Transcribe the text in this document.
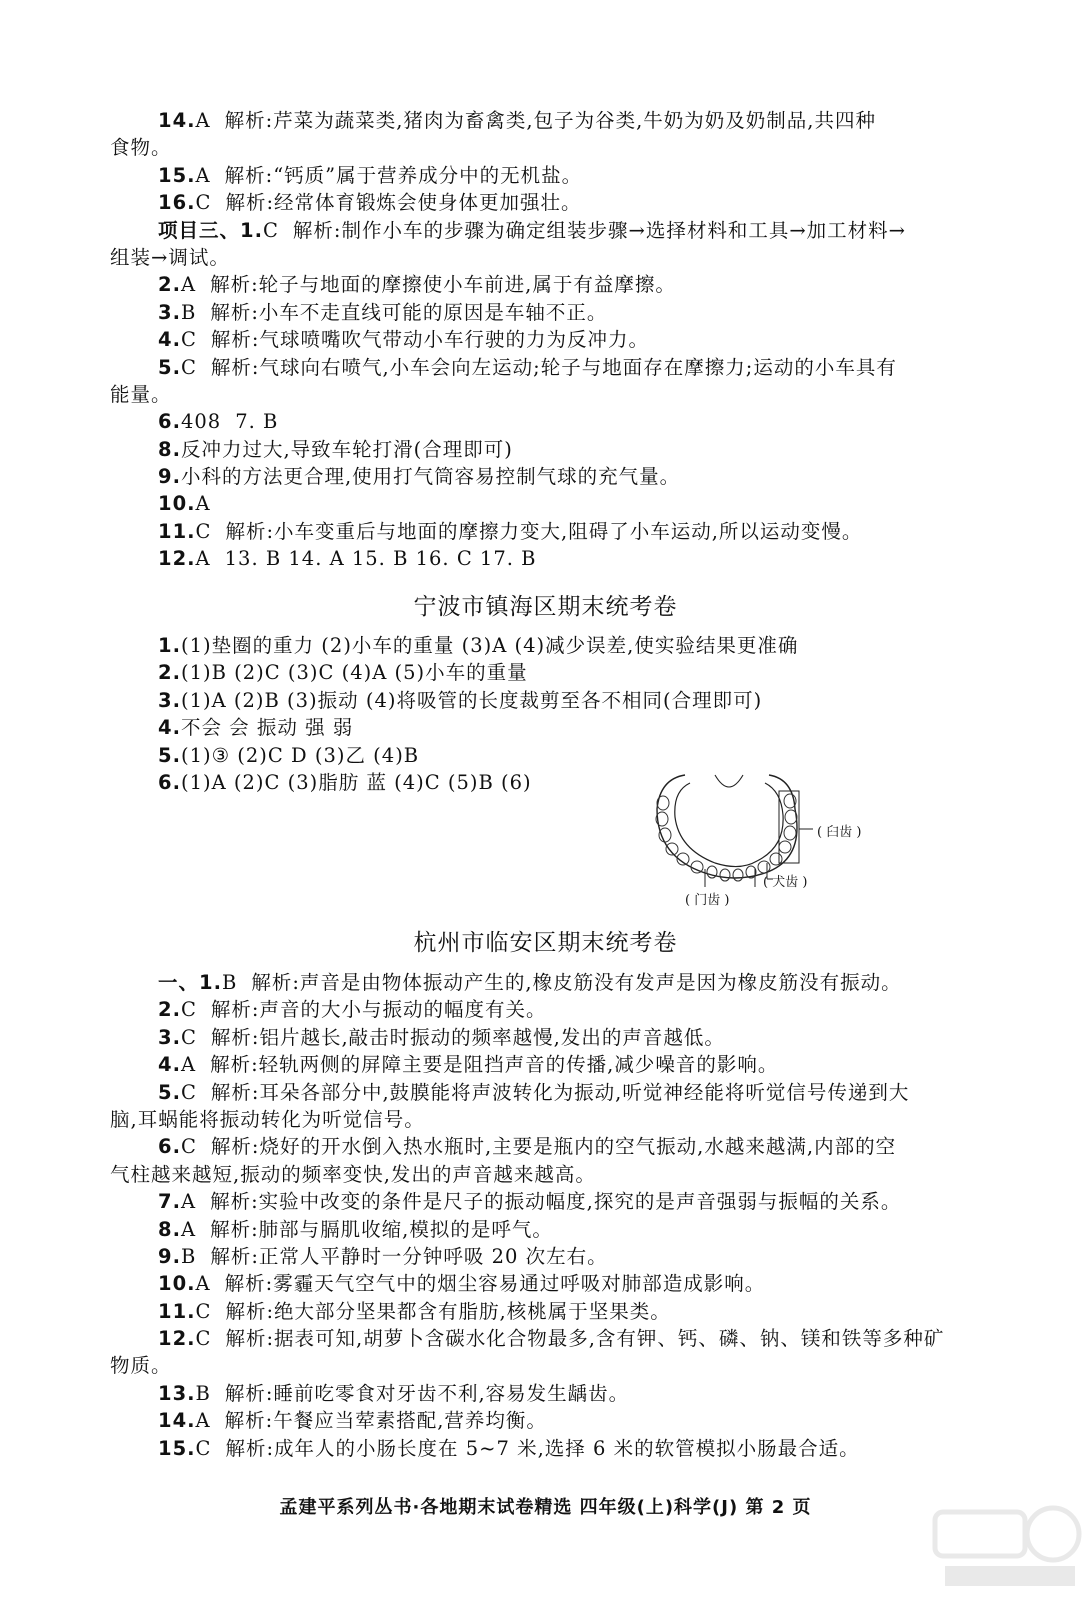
14.A 解析:芹菜为蔬菜类,猪肉为畜禽类,包子为谷类,牛奶为奶及奶制品,共四种
食物。
15.A 解析:“钙质”属于营养成分中的无机盐。
16.C 解析:经常体育锻炼会使身体更加强壮。
项目三、1.C 解析:制作小车的步骤为确定组装步骤→选择材料和工具→加工材料→
组装→调试。
2.A 解析:轮子与地面的摩擦使小车前进,属于有益摩擦。
3.B 解析:小车不走直线可能的原因是车轴不正。
4.C 解析:气球喷嘴吹气带动小车行驶的力为反冲力。
5.C 解析:气球向右喷气,小车会向左运动;轮子与地面存在摩擦力;运动的小车具有
能量。
6.408 7. B
8.反冲力过大,导致车轮打滑(合理即可)
9.小科的方法更合理,使用打气筒容易控制气球的充气量。
10.A
11.C 解析:小车变重后与地面的摩擦力变大,阻碍了小车运动,所以运动变慢。
12.A 13. B 14. A 15. B 16. C 17. B
宁波市镇海区期末统考卷
1.(1)垫圈的重力 (2)小车的重量 (3)A (4)减少误差,使实验结果更准确
2.(1)B (2)C (3)C (4)A (5)小车的重量
3.(1)A (2)B (3)振动 (4)将吸管的长度裁剪至各不相同(合理即可)
4.不会 会 振动 强 弱
5.(1)③ (2)C D (3)乙 (4)B
6.(1)A (2)C (3)脂肪 蓝 (4)C (5)B (6)
( 臼齿 )
( 犬齿 )
( 门齿 )
杭州市临安区期末统考卷
一、1.B 解析:声音是由物体振动产生的,橡皮筋没有发声是因为橡皮筋没有振动。
2.C 解析:声音的大小与振动的幅度有关。
3.C 解析:铝片越长,敲击时振动的频率越慢,发出的声音越低。
4.A 解析:轻轨两侧的屏障主要是阻挡声音的传播,减少噪音的影响。
5.C 解析:耳朵各部分中,鼓膜能将声波转化为振动,听觉神经能将听觉信号传递到大
脑,耳蜗能将振动转化为听觉信号。
6.C 解析:烧好的开水倒入热水瓶时,主要是瓶内的空气振动,水越来越满,内部的空
气柱越来越短,振动的频率变快,发出的声音越来越高。
7.A 解析:实验中改变的条件是尺子的振动幅度,探究的是声音强弱与振幅的关系。
8.A 解析:肺部与膈肌收缩,模拟的是呼气。
9.B 解析:正常人平静时一分钟呼吸 20 次左右。
10.A 解析:雾霾天气空气中的烟尘容易通过呼吸对肺部造成影响。
11.C 解析:绝大部分坚果都含有脂肪,核桃属于坚果类。
12.C 解析:据表可知,胡萝卜含碳水化合物最多,含有钾、钙、磷、钠、镁和铁等多种矿
物质。
13.B 解析:睡前吃零食对牙齿不利,容易发生龋齿。
14.A 解析:午餐应当荤素搭配,营养均衡。
15.C 解析:成年人的小肠长度在 5~7 米,选择 6 米的软管模拟小肠最合适。
孟建平系列丛书·各地期末试卷精选 四年级(上)科学(J) 第 2 页
